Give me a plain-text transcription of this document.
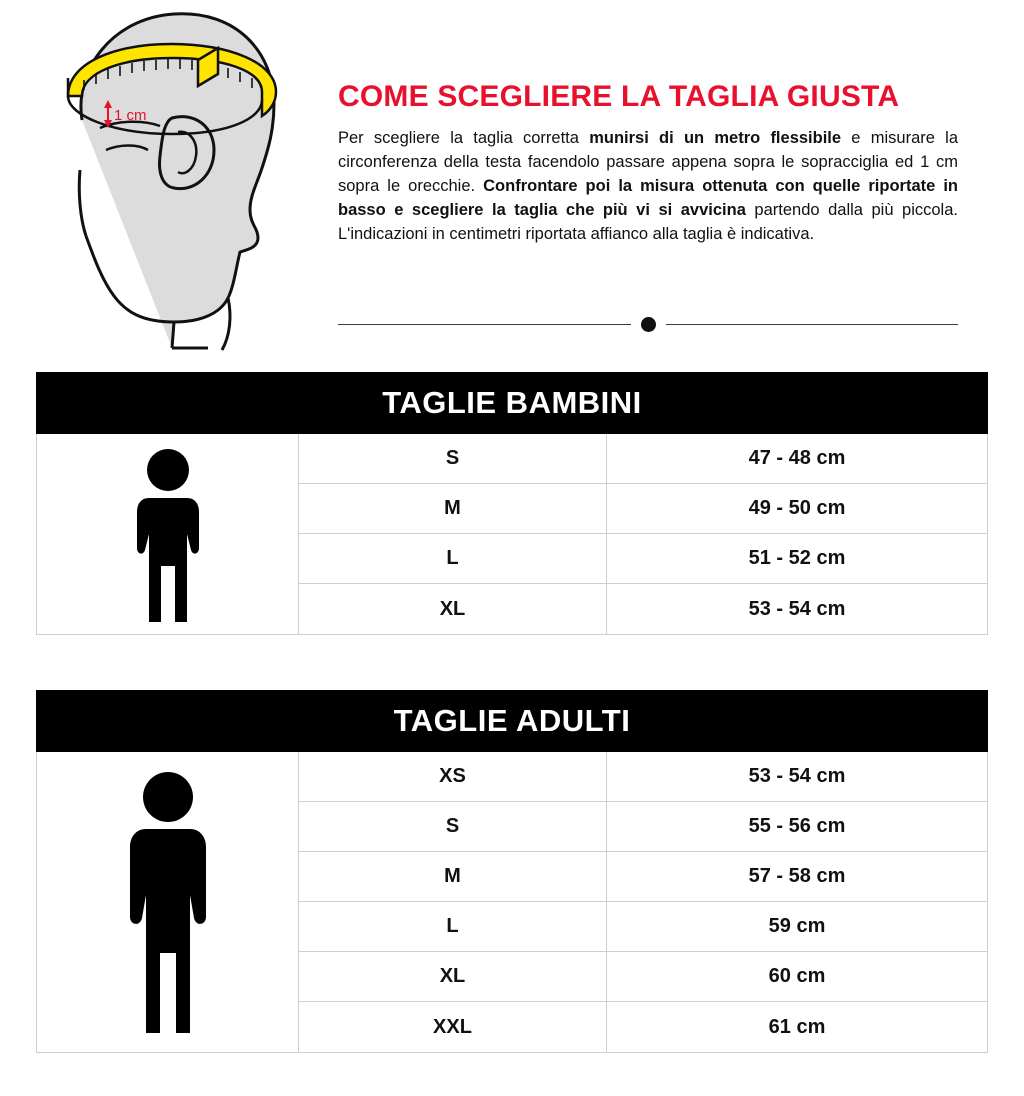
1 cm
COME SCEGLIERE LA TAGLIA GIUSTA

Per scegliere la taglia corretta munirsi di un metro flessibile e misurare la circonferenza della testa facendolo passare appena sopra le sopracciglia ed 1 cm sopra le orecchie. Confrontare poi la misura ottenuta con quelle riportate in basso e scegliere la taglia che più vi si avvicina partendo dalla più piccola. L'indicazioni in centimetri riportata affianco alla taglia è indicativa.

TAGLIE BAMBINI
S	47 - 48 cm
M	49 - 50 cm
L	51 - 52 cm
XL	53 - 54 cm
TAGLIE ADULTI
XS	53 - 54 cm
S	55 - 56 cm
M	57 - 58 cm
L	59 cm
XL	60 cm
XXL	61 cm
